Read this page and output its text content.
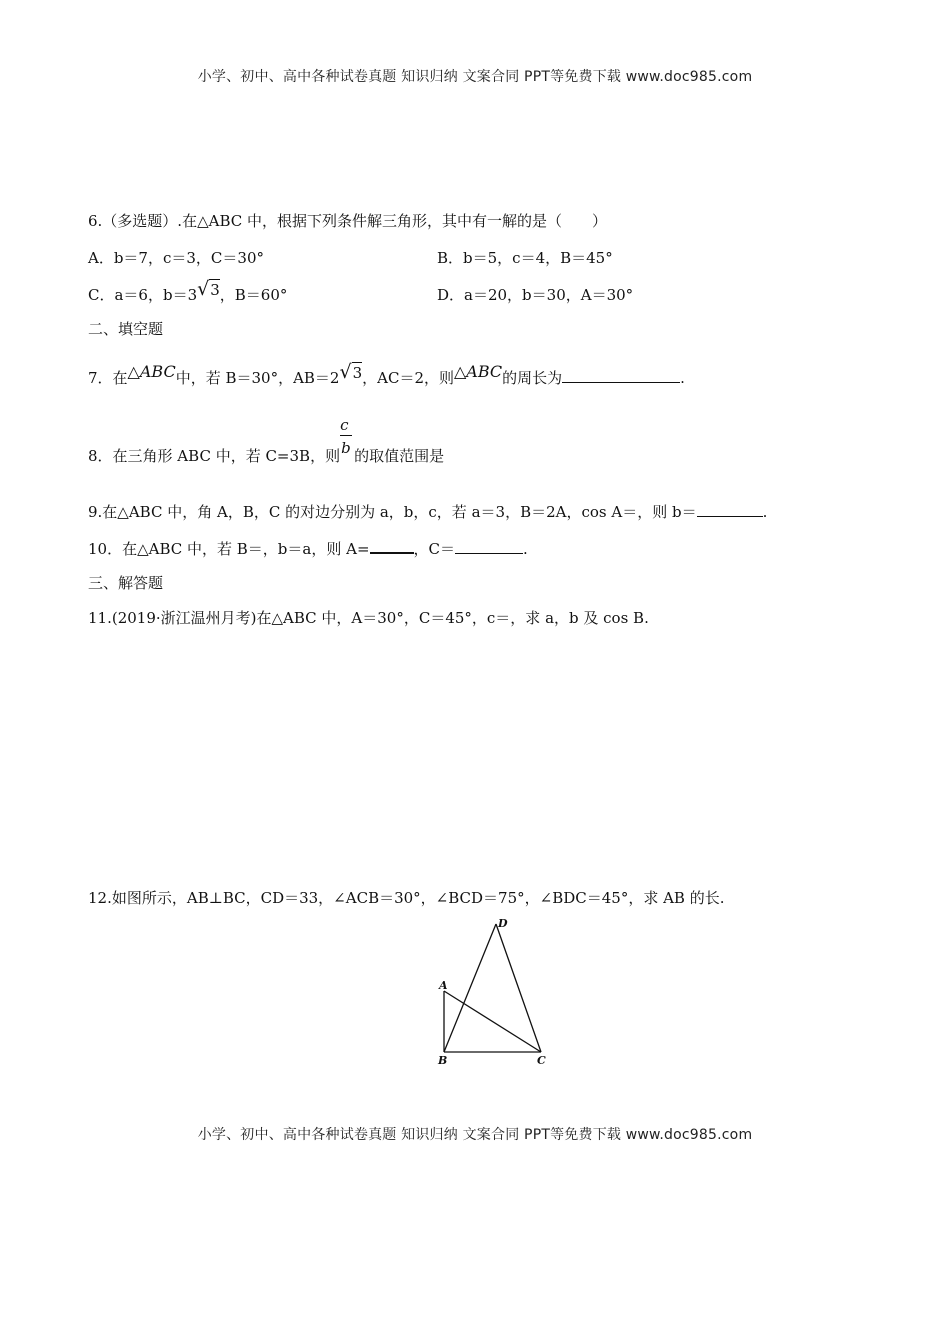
小学、初中、高中各种试卷真题 知识归纳 文案合同 PPT等免费下载 www.doc985.com
6.（多选题）.在△ABC 中，根据下列条件解三角形，其中有一解的是（　　）
A．b＝7，c＝3，C＝30°	B．b＝5，c＝4，B＝45°
C．a＝6，b＝3√3，B＝60°	D．a＝20，b＝30，A＝30°
二、填空题
7．在△ABC中，若 B＝30°，AB＝2√3，AC＝2，则△ABC的周长为	.
8．在三角形 ABC 中，若 C=3B，则 $\frac{c}{b}$ 的取值范围是
9.在△ABC 中，角 A，B，C 的对边分别为 a，b，c，若 a＝3，B＝2A，cos A＝，则 b＝	.
10．在△ABC 中，若 B＝，b＝a，则 A=	，C＝	.
三、解答题
11.(2019·浙江温州月考)在△ABC 中，A＝30°，C＝45°，c＝，求 a，b 及 cos B.
12.如图所示，AB⊥BC，CD＝33，∠ACB＝30°，∠BCD＝75°，∠BDC＝45°，求 AB 的长.
D
A
B	C
小学、初中、高中各种试卷真题 知识归纳 文案合同 PPT等免费下载 www.doc985.com
